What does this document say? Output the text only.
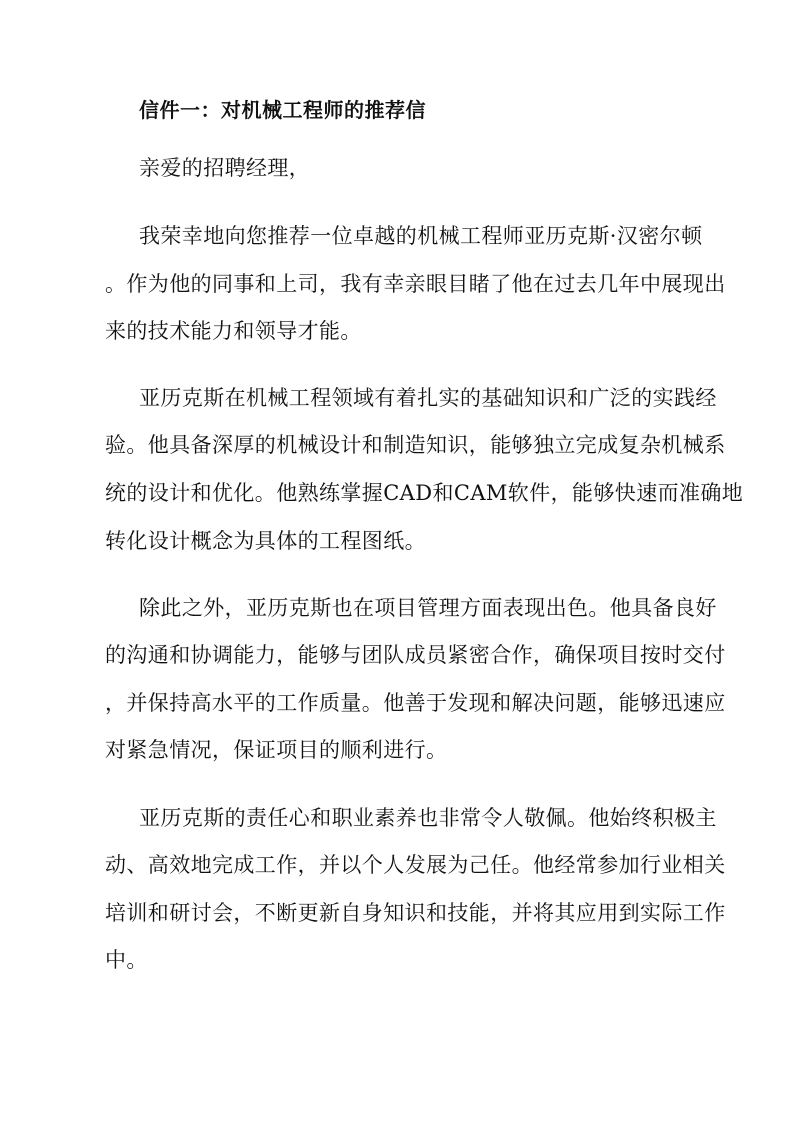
信件一：对机械工程师的推荐信

亲爱的招聘经理，

我荣幸地向您推荐一位卓越的机械工程师亚历克斯·汉密尔顿

。作为他的同事和上司，我有幸亲眼目睹了他在过去几年中展现出

来的技术能力和领导才能。

亚历克斯在机械工程领域有着扎实的基础知识和广泛的实践经

验。他具备深厚的机械设计和制造知识，能够独立完成复杂机械系

统的设计和优化。他熟练掌握CAD和CAM软件，能够快速而准确地

转化设计概念为具体的工程图纸。

除此之外，亚历克斯也在项目管理方面表现出色。他具备良好

的沟通和协调能力，能够与团队成员紧密合作，确保项目按时交付

，并保持高水平的工作质量。他善于发现和解决问题，能够迅速应

对紧急情况，保证项目的顺利进行。

亚历克斯的责任心和职业素养也非常令人敬佩。他始终积极主

动、高效地完成工作，并以个人发展为己任。他经常参加行业相关

培训和研讨会，不断更新自身知识和技能，并将其应用到实际工作

中。
